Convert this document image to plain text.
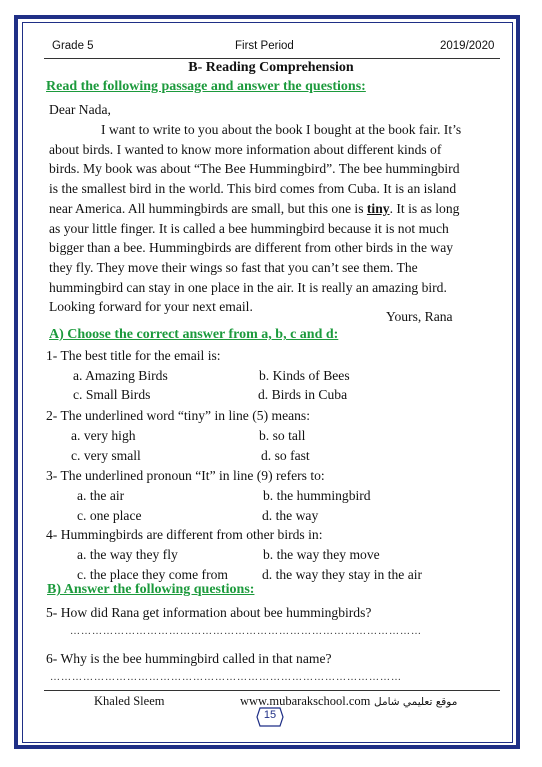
Grade 5	First Period	2019/2020
B- Reading Comprehension
Read the following passage and answer the questions:
Dear Nada,
I want to write to you about the book I bought at the book fair. It’s
about birds. I wanted to know more information about different kinds of
birds. My book was about “The Bee Hummingbird”. The bee hummingbird
is the smallest bird in the world. This bird comes from Cuba. It is an island
near America. All hummingbirds are small, but this one is tiny. It is as long
as your little finger. It is called a bee hummingbird because it is not much
bigger than a bee. Hummingbirds are different from other birds in the way
they fly. They move their wings so fast that you can’t see them. The
hummingbird can stay in one place in the air. It is really an amazing bird.
Looking forward for your next email.
Yours, Rana
A) Choose the correct answer from a, b, c and d:
1- The best title for the email is:
a. Amazing Birds	b. Kinds of Bees
c. Small Birds	d. Birds in Cuba
2- The underlined word “tiny” in line (5) means:
a. very high	b. so tall
c. very small	d. so fast
3- The underlined pronoun “It” in line (9) refers to:
a. the air	b. the hummingbird
c. one place	d. the way
4- Hummingbirds are different from other birds in:
a. the way they fly	b. the way they move
c. the place they come from	d. the way they stay in the air
B) Answer the following questions:
5- How did Rana get information about bee hummingbirds?
……………………………………………………………………………………
6- Why is the bee hummingbird called in that name?
……………………………………………………………………………………
Khaled Sleem	www.mubarakschool.com موقع تعليمي شامل
15
